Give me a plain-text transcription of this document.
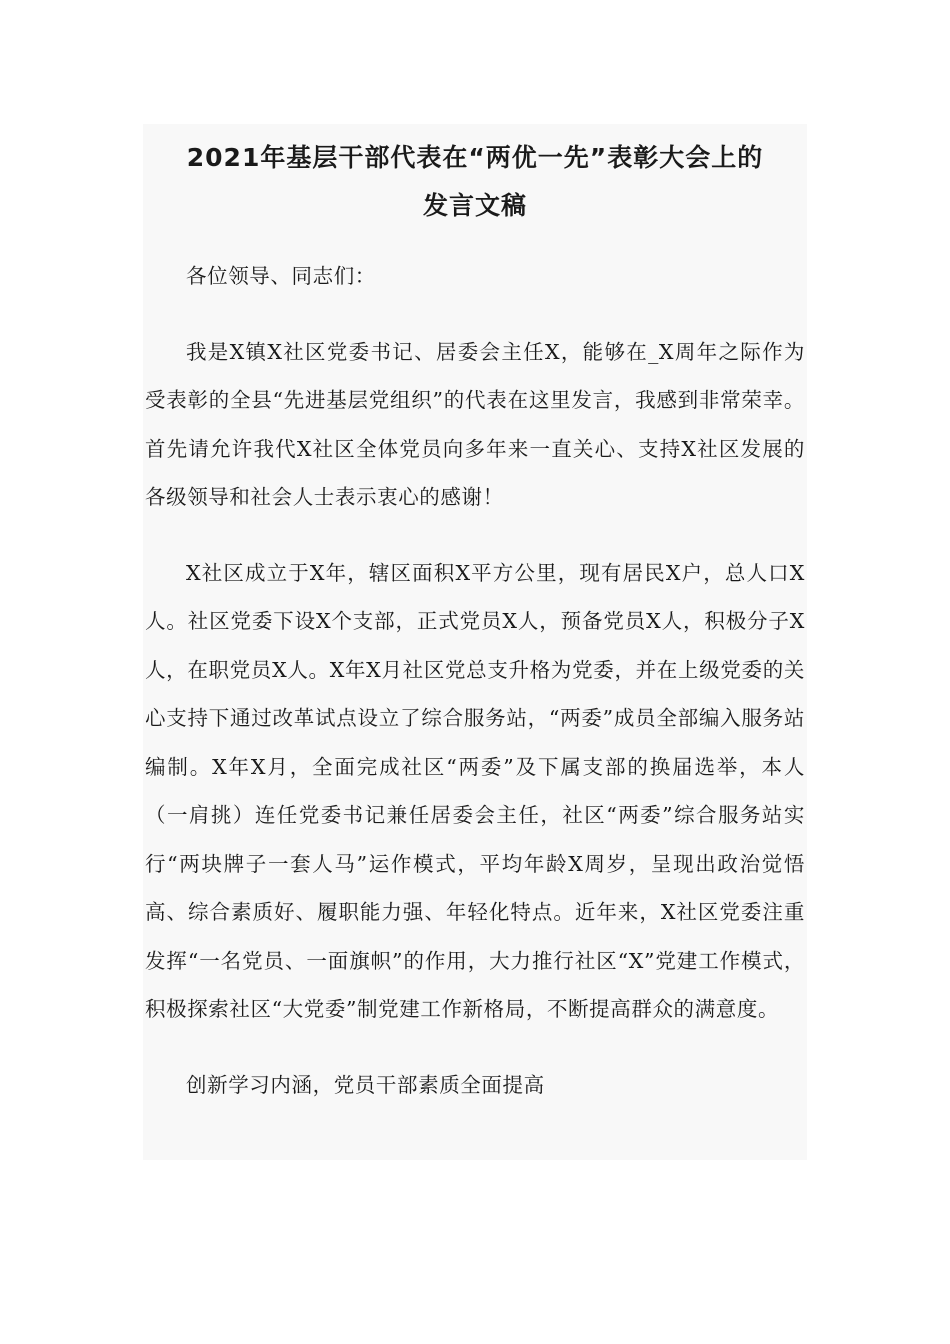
2021年基层干部代表在“两优一先”表彰大会上的
发言文稿

各位领导、同志们：

我是X镇X社区党委书记、居委会主任X，能够在_X周年之际作为受表彰的全县“先进基层党组织”的代表在这里发言，我感到非常荣幸。首先请允许我代X社区全体党员向多年来一直关心、支持X社区发展的各级领导和社会人士表示衷心的感谢！

X社区成立于X年，辖区面积X平方公里，现有居民X户，总人口X人。社区党委下设X个支部，正式党员X人，预备党员X人，积极分子X人，在职党员X人。X年X月社区党总支升格为党委，并在上级党委的关心支持下通过改革试点设立了综合服务站，“两委”成员全部编入服务站编制。X年X月，全面完成社区“两委”及下属支部的换届选举，本人（一肩挑）连任党委书记兼任居委会主任，社区“两委”综合服务站实行“两块牌子一套人马”运作模式，平均年龄X周岁，呈现出政治觉悟高、综合素质好、履职能力强、年轻化特点。近年来，X社区党委注重发挥“一名党员、一面旗帜”的作用，大力推行社区“X”党建工作模式，积极探索社区“大党委”制党建工作新格局，不断提高群众的满意度。

创新学习内涵，党员干部素质全面提高
